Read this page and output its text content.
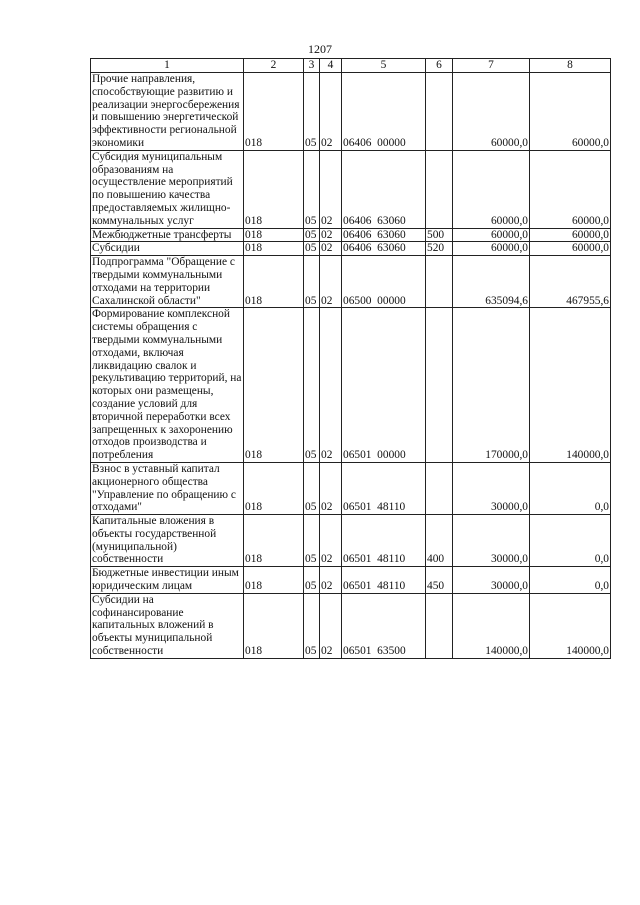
1207
1	2	3	4	5	6	7	8
Прочие направления, способствующие развитию и реализации энергосбережения и повышению энергетической эффективности региональной экономики	018	05	02	06406  00000		60000,0	60000,0
Субсидия муниципальным образованиям на осуществление мероприятий по повышению качества предоставляемых жилищно-коммунальных услуг	018	05	02	06406  63060		60000,0	60000,0
Межбюджетные трансферты	018	05	02	06406  63060	500	60000,0	60000,0
Субсидии	018	05	02	06406  63060	520	60000,0	60000,0
Подпрограмма "Обращение с твердыми коммунальными отходами на территории Сахалинской области"	018	05	02	06500  00000		635094,6	467955,6
Формирование комплексной системы обращения с твердыми коммунальными отходами, включая ликвидацию свалок и рекультивацию территорий, на которых они размещены, создание условий для вторичной переработки всех запрещенных к захоронению отходов производства и потребления	018	05	02	06501  00000		170000,0	140000,0
Взнос в уставный капитал акционерного общества "Управление по обращению с отходами"	018	05	02	06501  48110		30000,0	0,0
Капитальные вложения в объекты государственной (муниципальной) собственности	018	05	02	06501  48110	400	30000,0	0,0
Бюджетные инвестиции иным юридическим лицам	018	05	02	06501  48110	450	30000,0	0,0
Субсидии на софинансирование капитальных вложений в объекты муниципальной собственности	018	05	02	06501  63500		140000,0	140000,0
